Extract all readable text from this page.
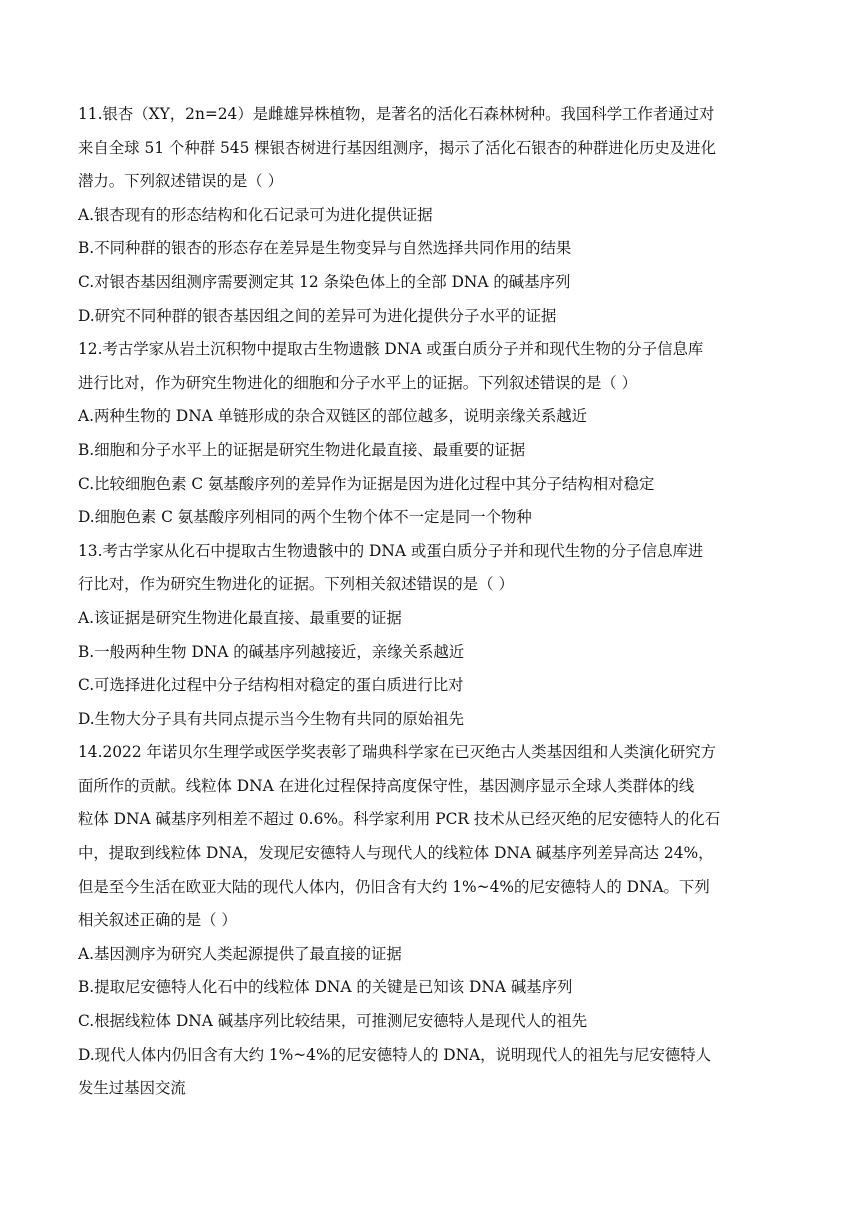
11.银杏（XY，2n=24）是雌雄异株植物，是著名的活化石森林树种。我国科学工作者通过对

来自全球 51 个种群 545 棵银杏树进行基因组测序，揭示了活化石银杏的种群进化历史及进化

潜力。下列叙述错误的是（ ）

A.银杏现有的形态结构和化石记录可为进化提供证据

B.不同种群的银杏的形态存在差异是生物变异与自然选择共同作用的结果

C.对银杏基因组测序需要测定其 12 条染色体上的全部 DNA 的碱基序列

D.研究不同种群的银杏基因组之间的差异可为进化提供分子水平的证据

12.考古学家从岩土沉积物中提取古生物遗骸 DNA 或蛋白质分子并和现代生物的分子信息库

进行比对，作为研究生物进化的细胞和分子水平上的证据。下列叙述错误的是（ ）

A.两种生物的 DNA 单链形成的杂合双链区的部位越多，说明亲缘关系越近

B.细胞和分子水平上的证据是研究生物进化最直接、最重要的证据

C.比较细胞色素 C 氨基酸序列的差异作为证据是因为进化过程中其分子结构相对稳定

D.细胞色素 C 氨基酸序列相同的两个生物个体不一定是同一个物种

13.考古学家从化石中提取古生物遗骸中的 DNA 或蛋白质分子并和现代生物的分子信息库进

行比对，作为研究生物进化的证据。下列相关叙述错误的是（ ）

A.该证据是研究生物进化最直接、最重要的证据

B.一般两种生物 DNA 的碱基序列越接近，亲缘关系越近

C.可选择进化过程中分子结构相对稳定的蛋白质进行比对

D.生物大分子具有共同点提示当今生物有共同的原始祖先

14.2022 年诺贝尔生理学或医学奖表彰了瑞典科学家在已灭绝古人类基因组和人类演化研究方

面所作的贡献。线粒体 DNA 在进化过程保持高度保守性，基因测序显示全球人类群体的线

粒体 DNA 碱基序列相差不超过 0.6%。科学家利用 PCR 技术从已经灭绝的尼安德特人的化石

中，提取到线粒体 DNA，发现尼安德特人与现代人的线粒体 DNA 碱基序列差异高达 24%，

但是至今生活在欧亚大陆的现代人体内，仍旧含有大约 1%~4%的尼安德特人的 DNA。下列

相关叙述正确的是（ ）

A.基因测序为研究人类起源提供了最直接的证据

B.提取尼安德特人化石中的线粒体 DNA 的关键是已知该 DNA 碱基序列

C.根据线粒体 DNA 碱基序列比较结果，可推测尼安德特人是现代人的祖先

D.现代人体内仍旧含有大约 1%~4%的尼安德特人的 DNA，说明现代人的祖先与尼安德特人

发生过基因交流
